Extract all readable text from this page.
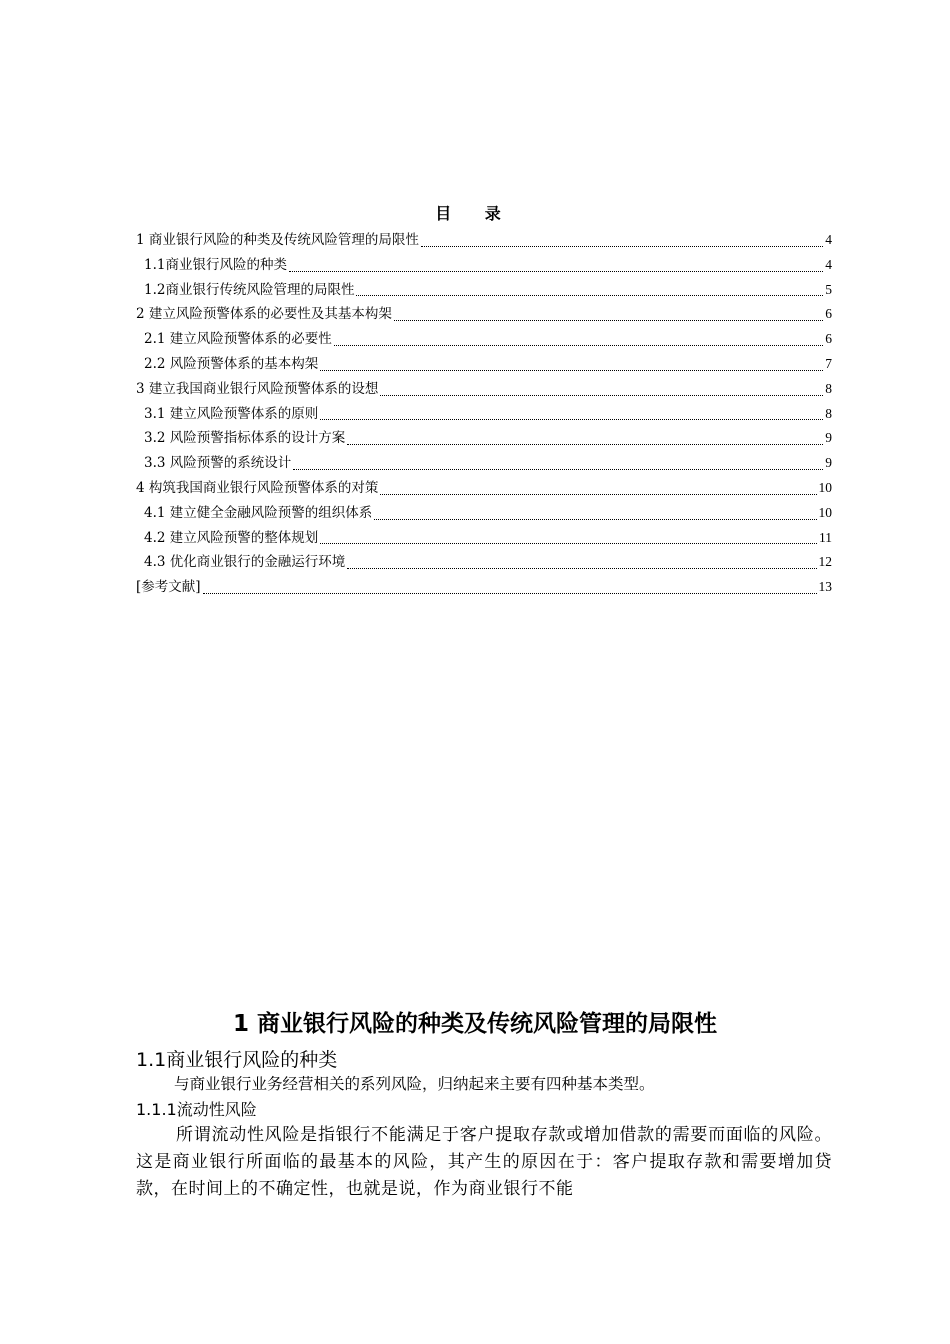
目 录
1 商业银行风险的种类及传统风险管理的局限性	4
1.1商业银行风险的种类	4
1.2商业银行传统风险管理的局限性	5
2 建立风险预警体系的必要性及其基本构架	6
2.1 建立风险预警体系的必要性	6
2.2 风险预警体系的基本构架	7
3 建立我国商业银行风险预警体系的设想	8
3.1 建立风险预警体系的原则	8
3.2 风险预警指标体系的设计方案	9
3.3 风险预警的系统设计	9
4 构筑我国商业银行风险预警体系的对策	10
4.1 建立健全金融风险预警的组织体系	10
4.2 建立风险预警的整体规划	11
4.3 优化商业银行的金融运行环境	12
[参考文献]	13
1 商业银行风险的种类及传统风险管理的局限性
1.1商业银行风险的种类
与商业银行业务经营相关的系列风险，归纳起来主要有四种基本类型。
1.1.1流动性风险
所谓流动性风险是指银行不能满足于客户提取存款或增加借款的需要而面临的风险。这是商业银行所面临的最基本的风险，其产生的原因在于：客户提取存款和需要增加贷款，在时间上的不确定性，也就是说，作为商业银行不能
